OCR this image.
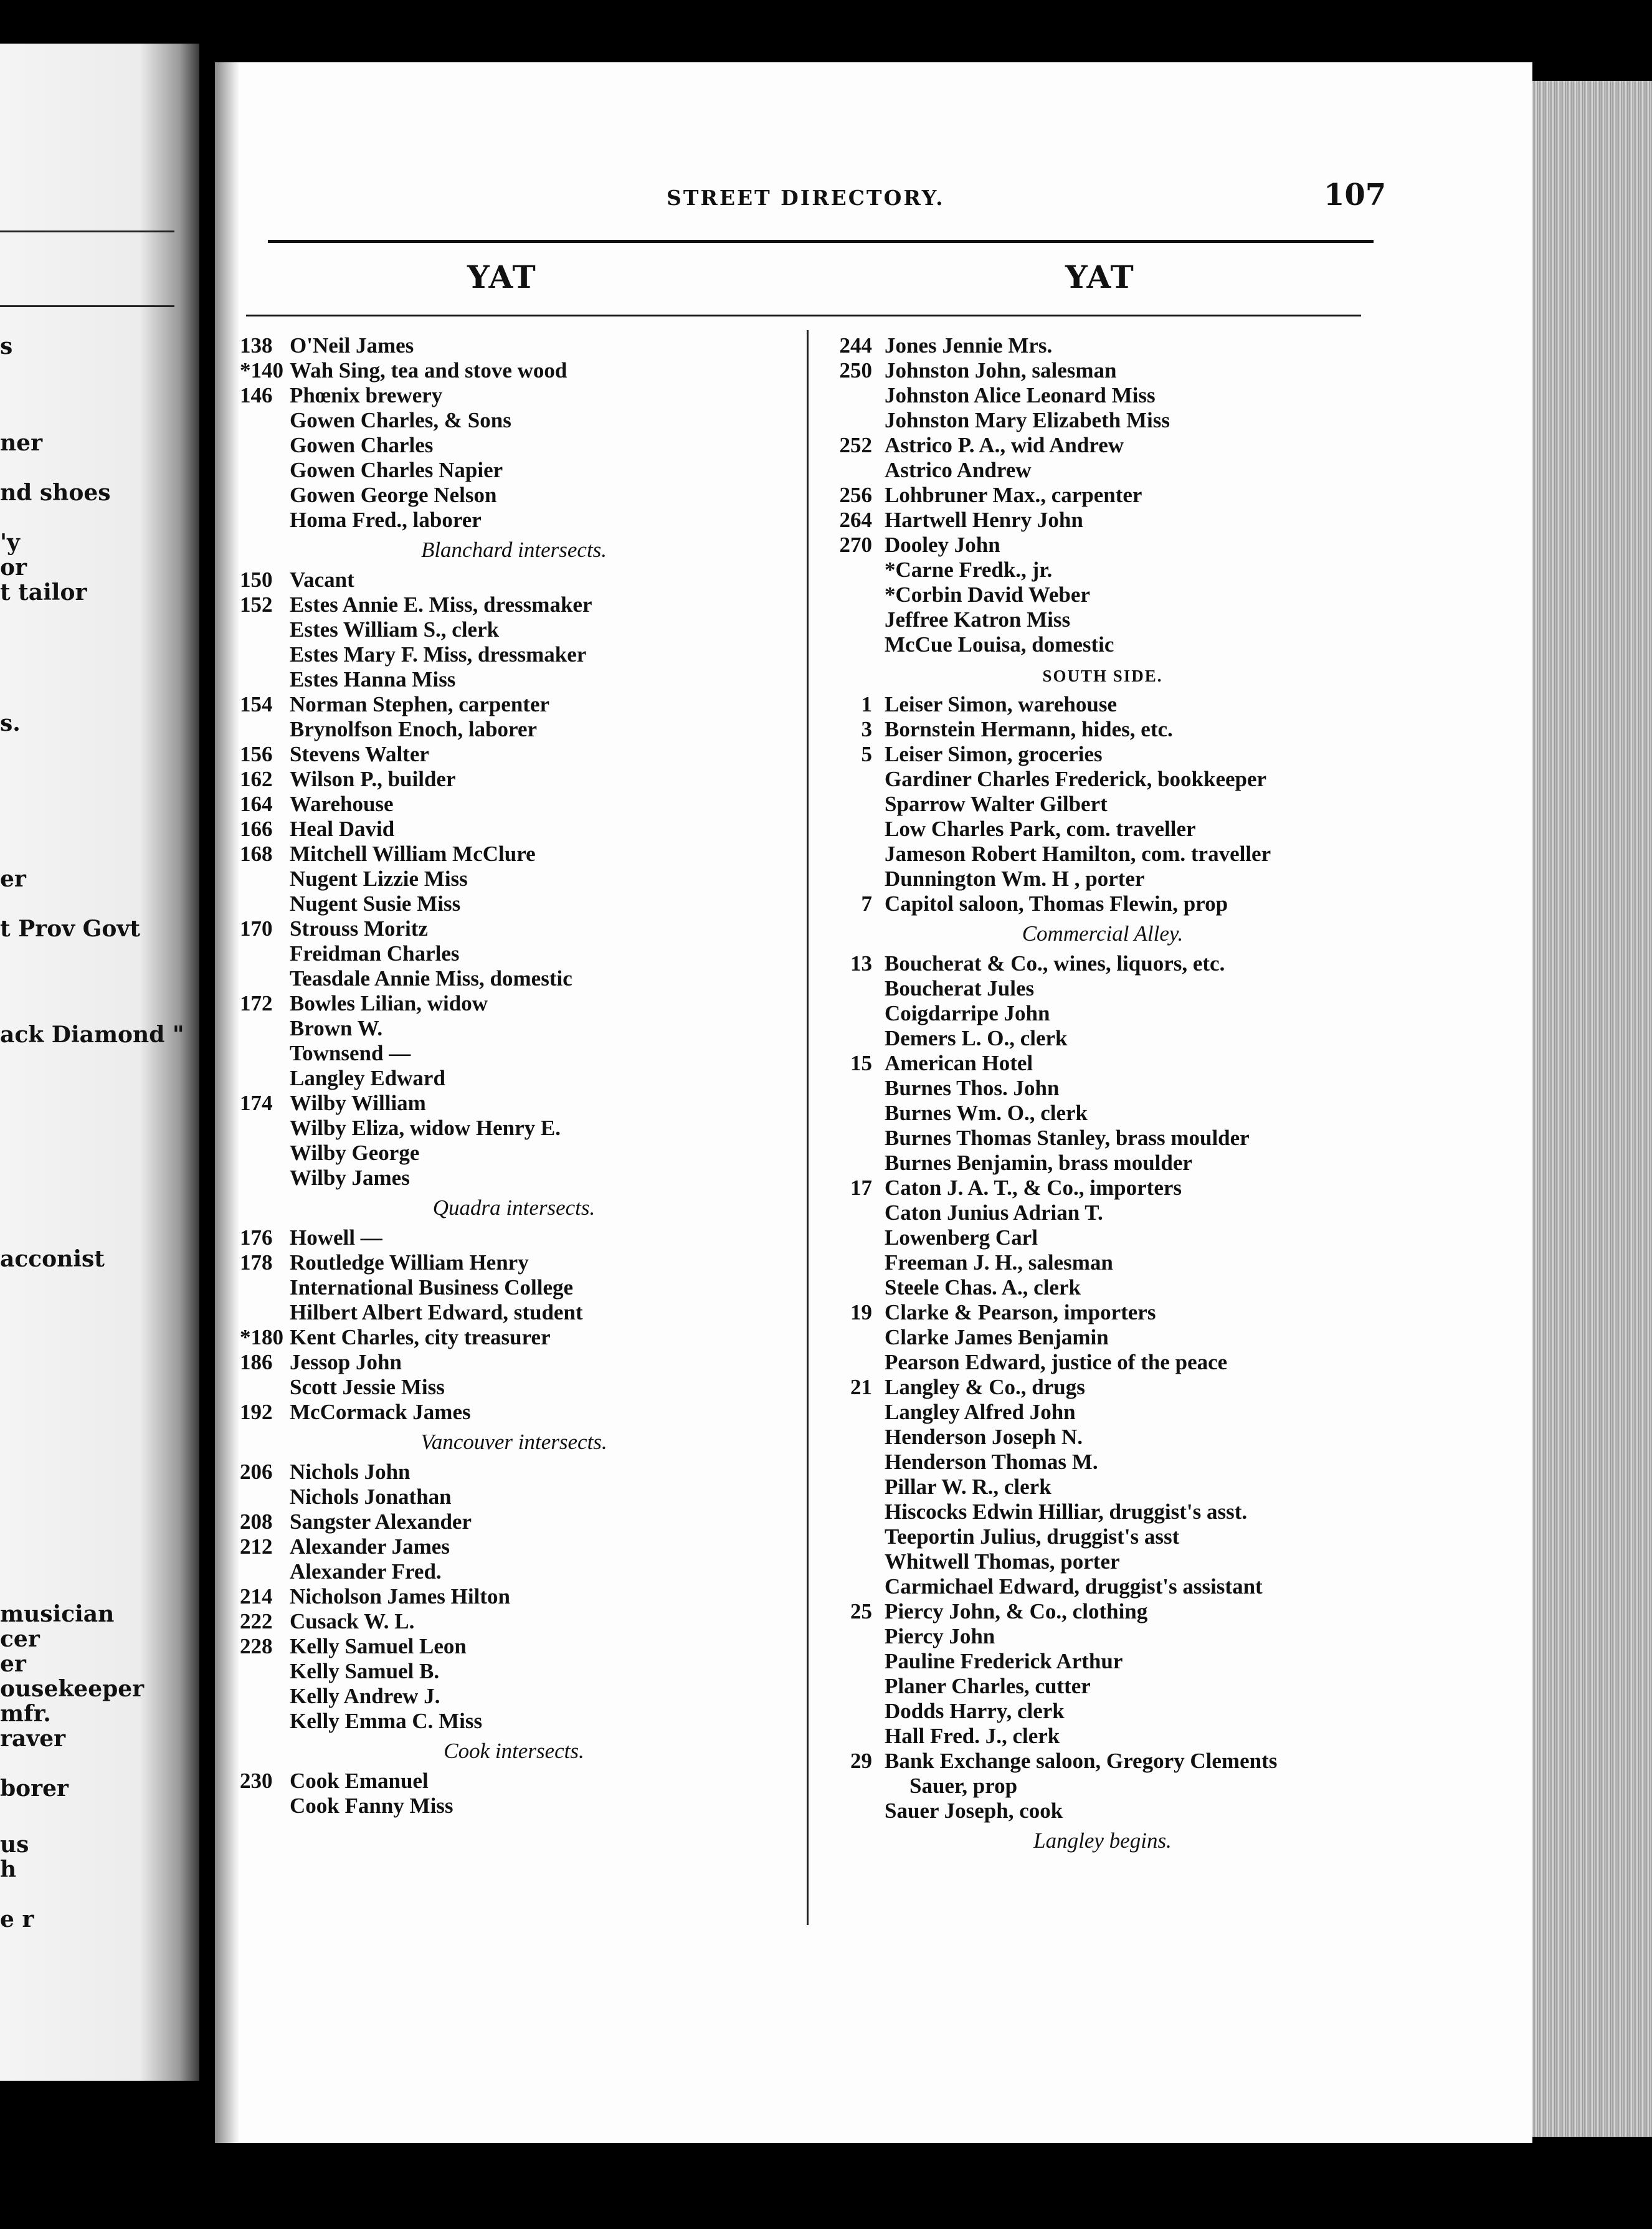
s
ner
nd shoes
'y
or
t tailor
s.
er
t Prov Govt
ack Diamond "
acconist
musician
cer
er
ousekeeper
mfr.
raver
borer
us
h
e r
STREET DIRECTORY.	107
YAT	YAT
138 O'Neil James
*140 Wah Sing, tea and stove wood
146 Phœnix brewery
Gowen Charles, & Sons
Gowen Charles
Gowen Charles Napier
Gowen George Nelson
Homa Fred., laborer
Blanchard intersects.
150 Vacant
152 Estes Annie E. Miss, dressmaker
Estes William S., clerk
Estes Mary F. Miss, dressmaker
Estes Hanna Miss
154 Norman Stephen, carpenter
Brynolfson Enoch, laborer
156 Stevens Walter
162 Wilson P., builder
164 Warehouse
166 Heal David
168 Mitchell William McClure
Nugent Lizzie Miss
Nugent Susie Miss
170 Strouss Moritz
Freidman Charles
Teasdale Annie Miss, domestic
172 Bowles Lilian, widow
Brown W.
Townsend —
Langley Edward
174 Wilby William
Wilby Eliza, widow Henry E.
Wilby George
Wilby James
Quadra intersects.
176 Howell —
178 Routledge William Henry
International Business College
Hilbert Albert Edward, student
*180 Kent Charles, city treasurer
186 Jessop John
Scott Jessie Miss
192 McCormack James
Vancouver intersects.
206 Nichols John
Nichols Jonathan
208 Sangster Alexander
212 Alexander James
Alexander Fred.
214 Nicholson James Hilton
222 Cusack W. L.
228 Kelly Samuel Leon
Kelly Samuel B.
Kelly Andrew J.
Kelly Emma C. Miss
Cook intersects.
230 Cook Emanuel
Cook Fanny Miss
244 Jones Jennie Mrs.
250 Johnston John, salesman
Johnston Alice Leonard Miss
Johnston Mary Elizabeth Miss
252 Astrico P. A., wid Andrew
Astrico Andrew
256 Lohbruner Max., carpenter
264 Hartwell Henry John
270 Dooley John
*Carne Fredk., jr.
*Corbin David Weber
Jeffree Katron Miss
McCue Louisa, domestic
SOUTH SIDE.
1 Leiser Simon, warehouse
3 Bornstein Hermann, hides, etc.
5 Leiser Simon, groceries
Gardiner Charles Frederick, bookkeeper
Sparrow Walter Gilbert
Low Charles Park, com. traveller
Jameson Robert Hamilton, com. traveller
Dunnington Wm. H , porter
7 Capitol saloon, Thomas Flewin, prop
Commercial Alley.
13 Boucherat & Co., wines, liquors, etc.
Boucherat Jules
Coigdarripe John
Demers L. O., clerk
15 American Hotel
Burnes Thos. John
Burnes Wm. O., clerk
Burnes Thomas Stanley, brass moulder
Burnes Benjamin, brass moulder
17 Caton J. A. T., & Co., importers
Caton Junius Adrian T.
Lowenberg Carl
Freeman J. H., salesman
Steele Chas. A., clerk
19 Clarke & Pearson, importers
Clarke James Benjamin
Pearson Edward, justice of the peace
21 Langley & Co., drugs
Langley Alfred John
Henderson Joseph N.
Henderson Thomas M.
Pillar W. R., clerk
Hiscocks Edwin Hilliar, druggist's asst.
Teeportin Julius, druggist's asst
Whitwell Thomas, porter
Carmichael Edward, druggist's assistant
25 Piercy John, & Co., clothing
Piercy John
Pauline Frederick Arthur
Planer Charles, cutter
Dodds Harry, clerk
Hall Fred. J., clerk
29 Bank Exchange saloon, Gregory Clements
Sauer, prop
Sauer Joseph, cook
Langley begins.
